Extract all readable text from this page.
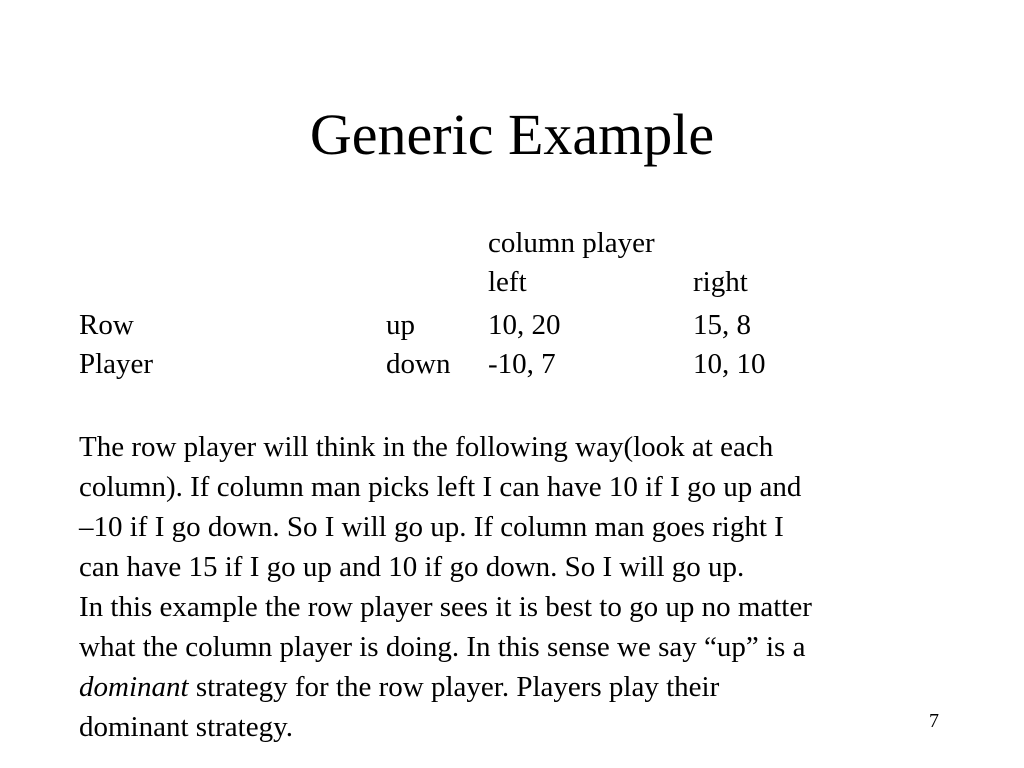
Generic Example
column player
left	right
Row	up	10, 20	15, 8
Player	down -10, 7	10, 10

The row player will think in the following way(look at each
column). If column man picks left I can have 10 if I go up and
–10 if I go down. So I will go up. If column man goes right I
can have 15 if I go up and 10 if go down. So I will go up.
In this example the row player sees it is best to go up no matter
what the column player is doing. In this sense we say “up” is a
dominant strategy for the row player. Players play their
dominant strategy.	7
